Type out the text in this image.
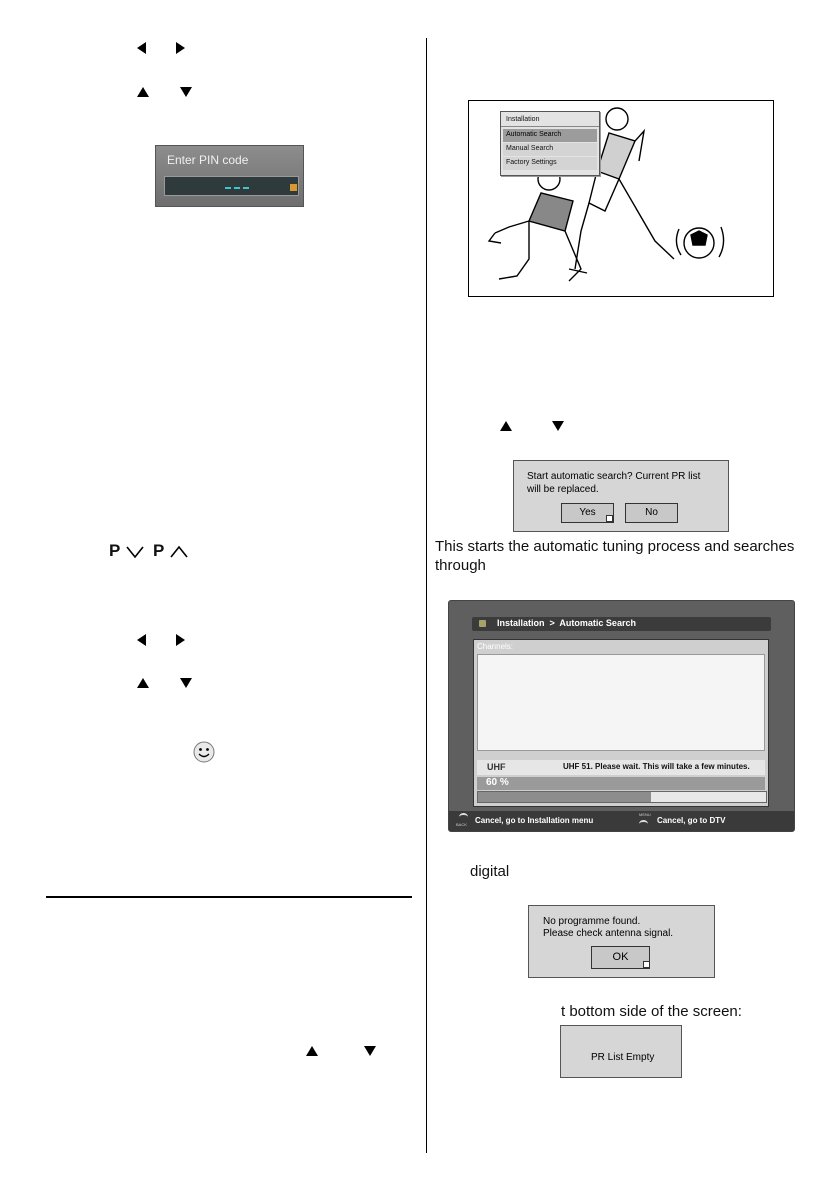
Enter PIN code
P	P
Installation
Automatic Search
Manual Search
Factory Settings
Start automatic search? Current PR list
will be replaced.
Yes	No
This starts the automatic tuning process and searches
through
Installation  >  Automatic Search
Channels:
UHF	UHF 51. Please wait. This will take a few minutes.
60 %
BACK Cancel, go to Installation menu
MENU
Cancel, go to DTV
digital
No programme found.
Please check antenna signal.
OK
t bottom side of the screen:
PR List Empty
